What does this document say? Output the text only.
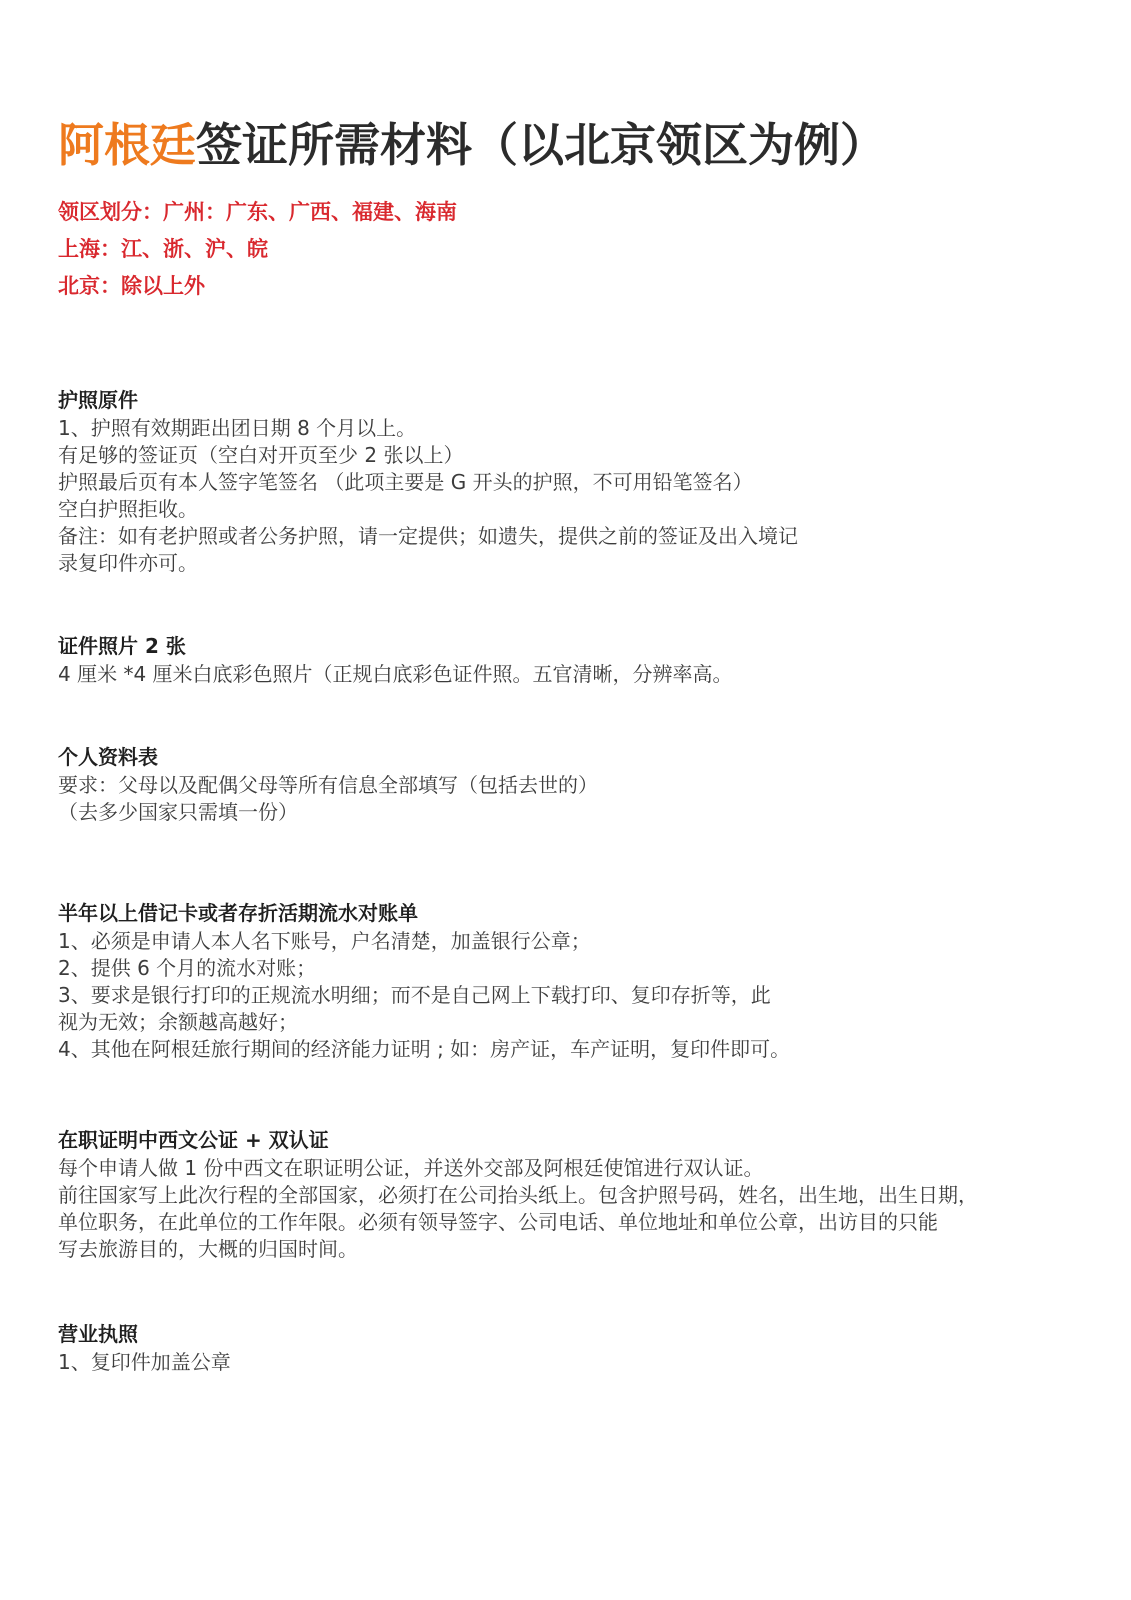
阿根廷签证所需材料（以北京领区为例）
领区划分：广州：广东、广西、福建、海南
上海：江、浙、沪、皖
北京：除以上外
护照原件

1、护照有效期距出团日期 8 个月以上。

有足够的签证页（空白对开页至少 2 张以上）

护照最后页有本人签字笔签名 （此项主要是 G 开头的护照，不可用铅笔签名）

空白护照拒收。

备注：如有老护照或者公务护照，请一定提供；如遗失，提供之前的签证及出入境记

录复印件亦可。

证件照片 2 张

4 厘米 *4 厘米白底彩色照片（正规白底彩色证件照。五官清晰，分辨率高。

个人资料表

要求：父母以及配偶父母等所有信息全部填写（包括去世的）

（去多少国家只需填一份）

半年以上借记卡或者存折活期流水对账单

1、必须是申请人本人名下账号，户名清楚，加盖银行公章；

2、提供 6 个月的流水对账；

3、要求是银行打印的正规流水明细；而不是自己网上下载打印、复印存折等，此

视为无效；余额越高越好；

4、其他在阿根廷旅行期间的经济能力证明 ; 如：房产证，车产证明，复印件即可。

在职证明中西文公证 + 双认证

每个申请人做 1 份中西文在职证明公证，并送外交部及阿根廷使馆进行双认证。

前往国家写上此次行程的全部国家，必须打在公司抬头纸上。包含护照号码，姓名，出生地，出生日期，

单位职务，在此单位的工作年限。必须有领导签字、公司电话、单位地址和单位公章，出访目的只能

写去旅游目的，大概的归国时间。

营业执照

1、复印件加盖公章
